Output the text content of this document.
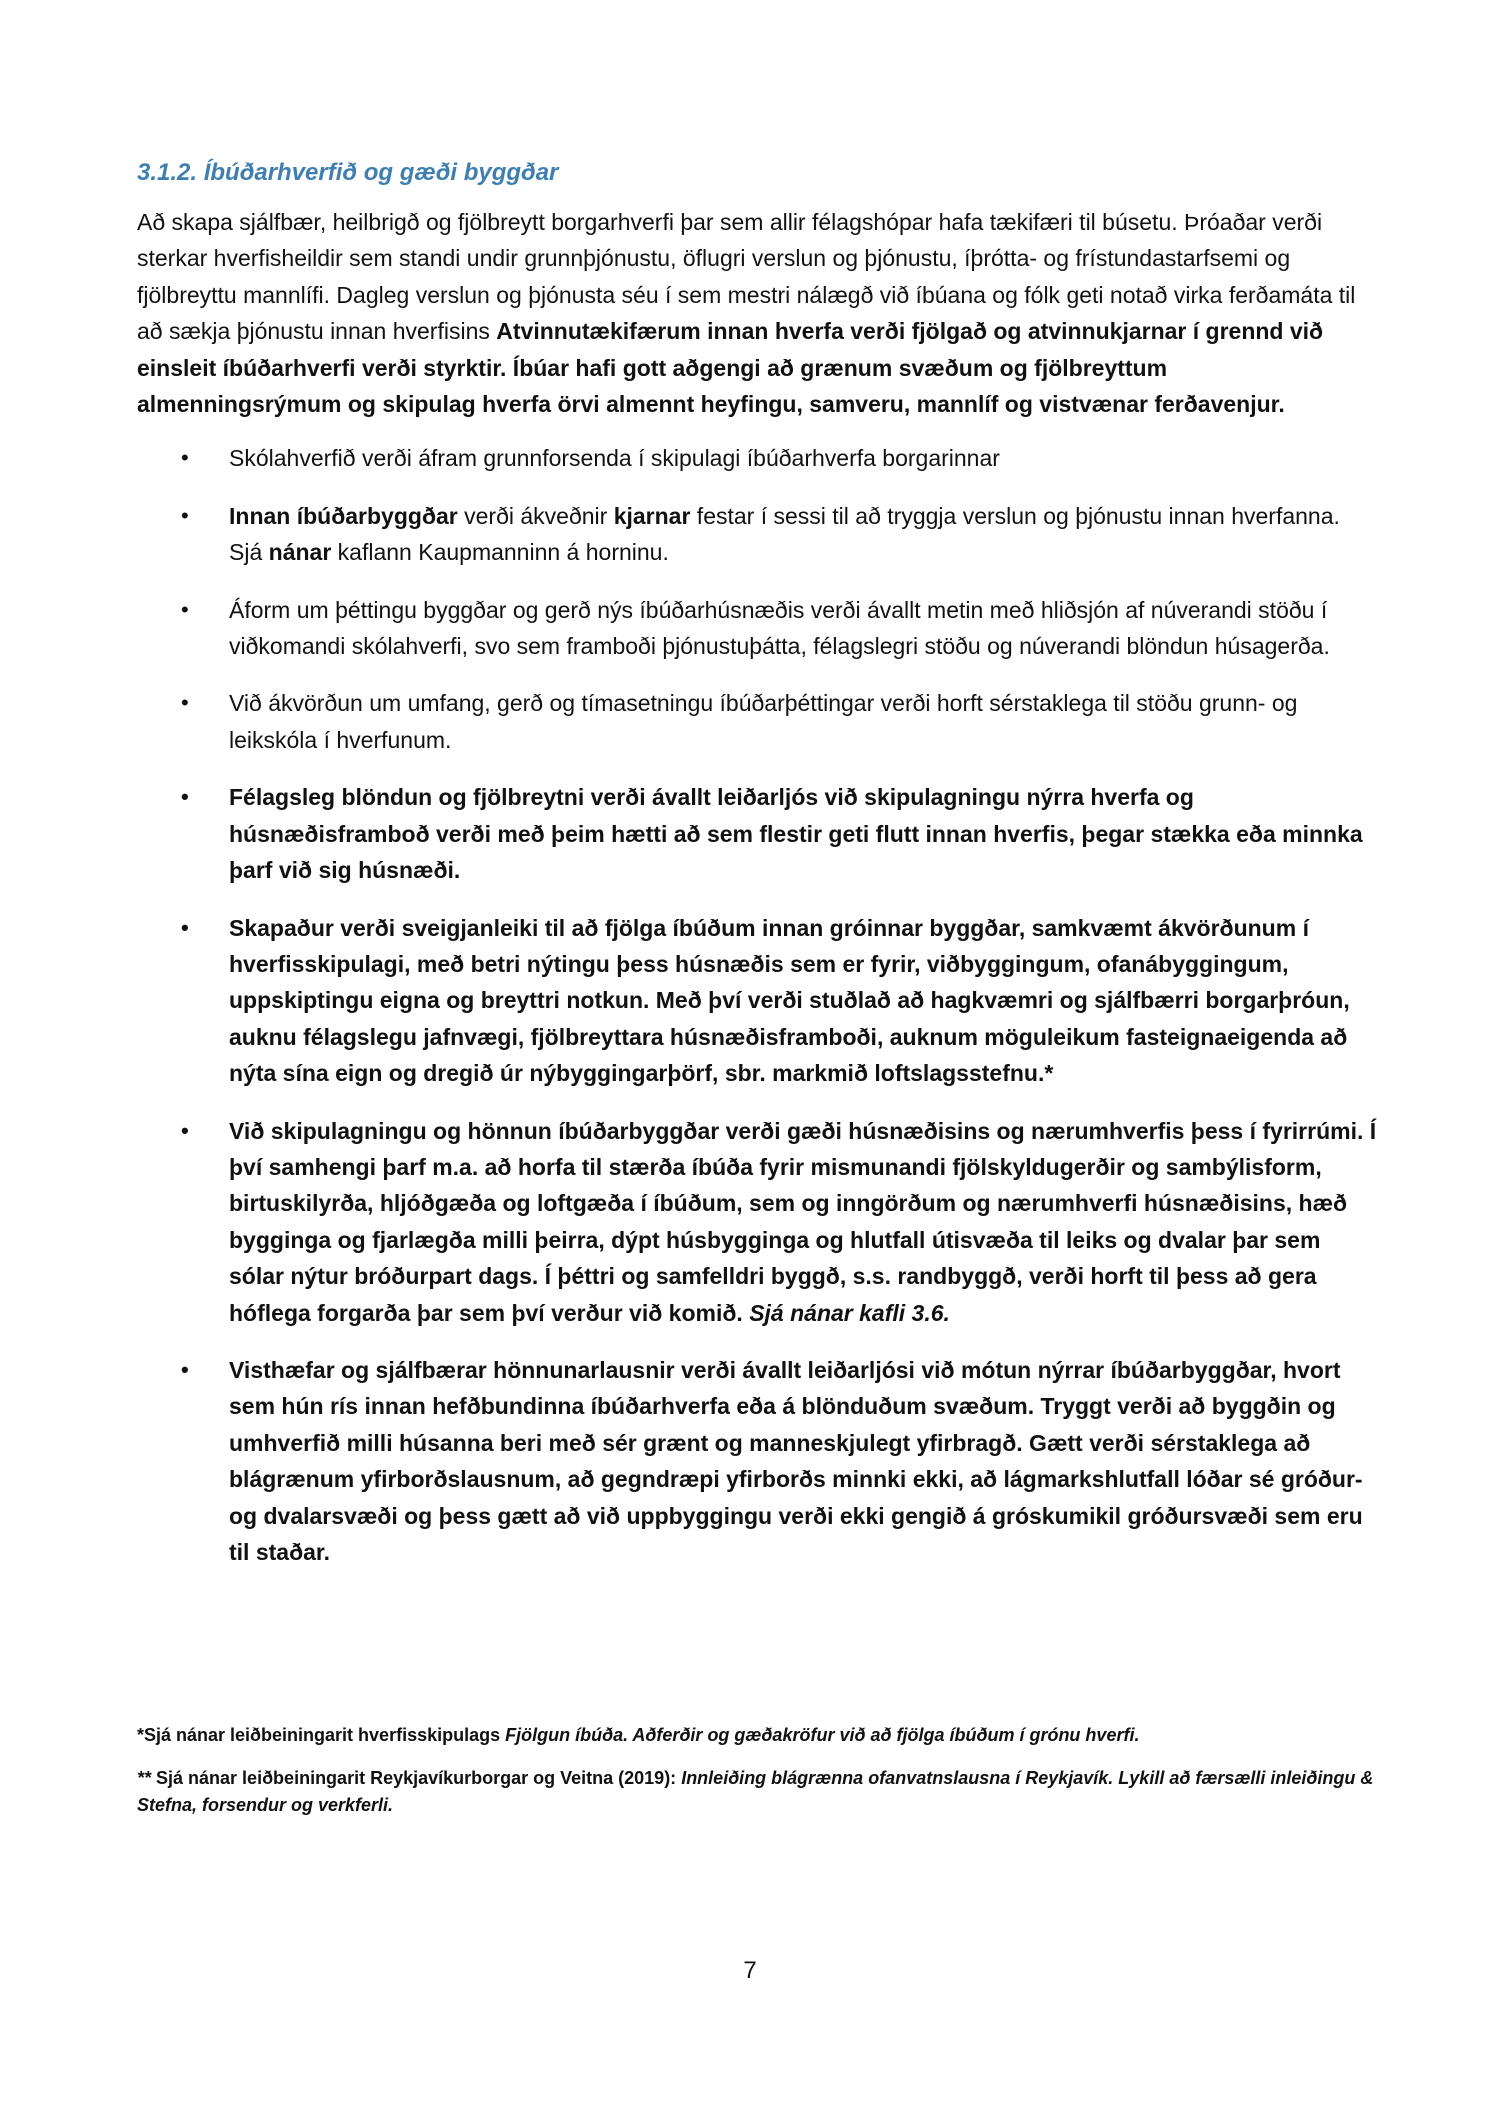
3.1.2. Íbúðarhverfið og gæði byggðar

Að skapa sjálfbær, heilbrigð og fjölbreytt borgarhverfi þar sem allir félagshópar hafa tækifæri til búsetu. Þróaðar verði sterkar hverfisheildir sem standi undir grunnþjónustu, öflugri verslun og þjónustu, íþrótta- og frístundastarfsemi og fjölbreyttu mannlífi. Dagleg verslun og þjónusta séu í sem mestri nálægð við íbúana og fólk geti notað virka ferðamáta til að sækja þjónustu innan hverfisins Atvinnutækifærum innan hverfa verði fjölgað og atvinnukjarnar í grennd við einsleit íbúðarhverfi verði styrktir. Íbúar hafi gott aðgengi að grænum svæðum og fjölbreyttum almenningsrýmum og skipulag hverfa örvi almennt heyfingu, samveru, mannlíf og vistvænar ferðavenjur.

• Skólahverfið verði áfram grunnforsenda í skipulagi íbúðarhverfa borgarinnar
• Innan íbúðarbyggðar verði ákveðnir kjarnar festar í sessi til að tryggja verslun og þjónustu innan hverfanna. Sjá nánar kaflann Kaupmanninn á horninu.
• Áform um þéttingu byggðar og gerð nýs íbúðarhúsnæðis verði ávallt metin með hliðsjón af núverandi stöðu í viðkomandi skólahverfi, svo sem framboði þjónustuþátta, félagslegri stöðu og núverandi blöndun húsagerða.
• Við ákvörðun um umfang, gerð og tímasetningu íbúðarþéttingar verði horft sérstaklega til stöðu grunn- og leikskóla í hverfunum.
• Félagsleg blöndun og fjölbreytni verði ávallt leiðarljós við skipulagningu nýrra hverfa og húsnæðisframboð verði með þeim hætti að sem flestir geti flutt innan hverfis, þegar stækka eða minnka þarf við sig húsnæði.
• Skapaður verði sveigjanleiki til að fjölga íbúðum innan gróinnar byggðar, samkvæmt ákvörðunum í hverfisskipulagi, með betri nýtingu þess húsnæðis sem er fyrir, viðbyggingum, ofanábyggingum, uppskiptingu eigna og breyttri notkun. Með því verði stuðlað að hagkvæmri og sjálfbærri borgarþróun, auknu félagslegu jafnvægi, fjölbreyttara húsnæðisframboði, auknum möguleikum fasteignaeigenda að nýta sína eign og dregið úr nýbyggingarþörf, sbr. markmið loftslagsstefnu.*
• Við skipulagningu og hönnun íbúðarbyggðar verði gæði húsnæðisins og nærumhverfis þess í fyrirrúmi. Í því samhengi þarf m.a. að horfa til stærða íbúða fyrir mismunandi fjölskyldugerðir og sambýlisform, birtuskilyrða, hljóðgæða og loftgæða í íbúðum, sem og inngörðum og nærumhverfi húsnæðisins, hæð bygginga og fjarlægða milli þeirra, dýpt húsbygginga og hlutfall útisvæða til leiks og dvalar þar sem sólar nýtur bróðurpart dags. Í þéttri og samfelldri byggð, s.s. randbyggð, verði horft til þess að gera hóflega forgarða þar sem því verður við komið. Sjá nánar kafli 3.6.
• Visthæfar og sjálfbærar hönnunarlausnir verði ávallt leiðarljósi við mótun nýrrar íbúðarbyggðar, hvort sem hún rís innan hefðbundinna íbúðarhverfa eða á blönduðum svæðum. Tryggt verði að byggðin og umhverfið milli húsanna beri með sér grænt og manneskjulegt yfirbragð. Gætt verði sérstaklega að blágrænum yfirborðslausnum, að gegndræpi yfirborðs minnki ekki, að lágmarkshlutfall lóðar sé gróður- og dvalarsvæði og þess gætt að við uppbyggingu verði ekki gengið á gróskumikil gróðursvæði sem eru til staðar.

*Sjá nánar leiðbeiningarit hverfisskipulags Fjölgun íbúða. Aðferðir og gæðakröfur við að fjölga íbúðum í grónu hverfi.

** Sjá nánar leiðbeiningarit Reykjavíkurborgar og Veitna (2019): Innleiðing blágrænna ofanvatnslausna í Reykjavík. Lykill að færsælli inleiðingu & Stefna, forsendur og verkferli.

7
